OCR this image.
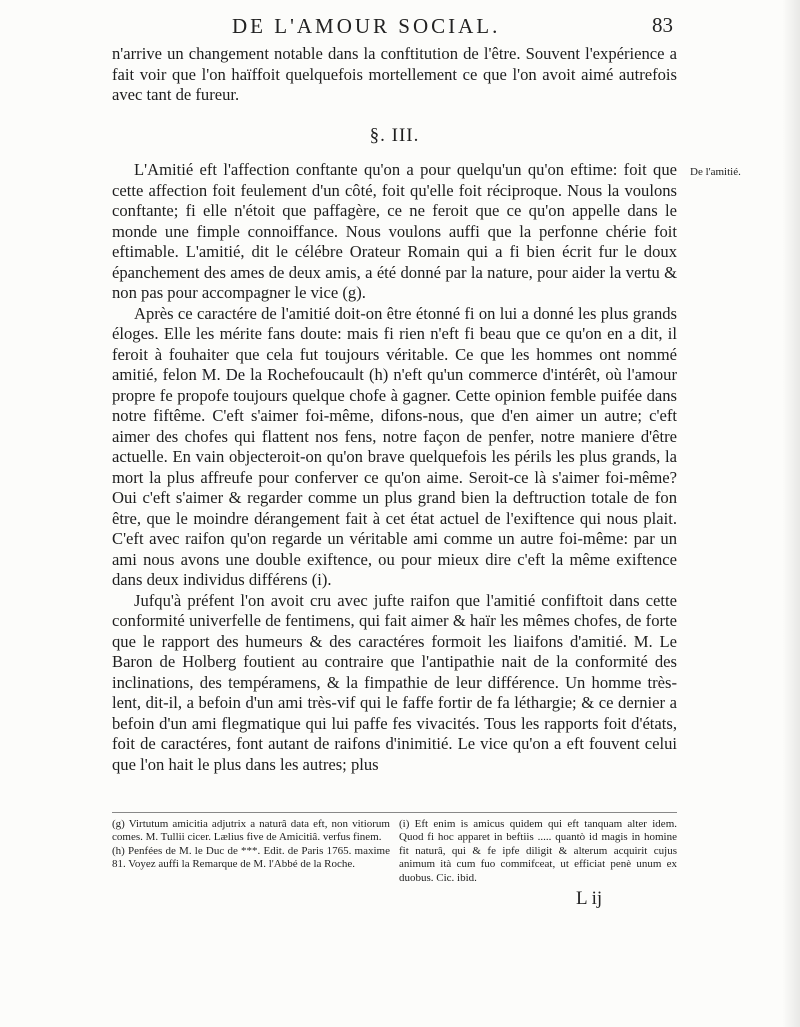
DE L'AMOUR SOCIAL.	83

n'arrive un changement notable dans la conftitution de l'être. Souvent l'expérience a fait voir que l'on haïffoit quelquefois mortellement ce que l'on avoit aimé autrefois avec tant de fureur.

§. III.

L'Amitié eft l'affection conftante qu'on a pour quelqu'un qu'on eftime: foit que cette affection foit feulement d'un côté, foit qu'elle foit réciproque. Nous la voulons conftante; fi elle n'étoit que paffagère, ce ne feroit que ce qu'on appelle dans le monde une fimple connoiffance. Nous voulons auffi que la perfonne chérie foit eftimable. L'amitié, dit le célébre Orateur Romain qui a fi bien écrit fur le doux épanchement des ames de deux amis, a été donné par la nature, pour aider la vertu & non pas pour accompagner le vice (g).

Après ce caractére de l'amitié doit-on être étonné fi on lui a donné les plus grands éloges. Elle les mérite fans doute: mais fi rien n'eft fi beau que ce qu'on en a dit, il feroit à fouhaiter que cela fut toujours véritable. Ce que les hommes ont nommé amitié, felon M. De la Rochefoucault (h) n'eft qu'un commerce d'intérêt, où l'amour propre fe propofe toujours quelque chofe à gagner. Cette opinion femble puifée dans notre fiftême. C'eft s'aimer foi-même, difons-nous, que d'en aimer un autre; c'eft aimer des chofes qui flattent nos fens, notre façon de penfer, notre maniere d'être actuelle. En vain objecteroit-on qu'on brave quelquefois les périls les plus grands, la mort la plus affreufe pour conferver ce qu'on aime. Seroit-ce là s'aimer foi-même? Oui c'eft s'aimer & regarder comme un plus grand bien la deftruction totale de fon être, que le moindre dérangement fait à cet état actuel de l'exiftence qui nous plait. C'eft avec raifon qu'on regarde un véritable ami comme un autre foi-même: par un ami nous avons une double exiftence, ou pour mieux dire c'eft la même exiftence dans deux individus différens (i).

Jufqu'à préfent l'on avoit cru avec jufte raifon que l'amitié confiftoit dans cette conformité univerfelle de fentimens, qui fait aimer & haïr les mêmes chofes, de forte que le rapport des humeurs & des caractéres formoit les liaifons d'amitié. M. Le Baron de Holberg foutient au contraire que l'antipathie nait de la conformité des inclinations, des tempéramens, & la fimpathie de leur différence. Un homme très-lent, dit-il, a befoin d'un ami très-vif qui le faffe fortir de fa léthargie; & ce dernier a befoin d'un ami flegmatique qui lui paffe fes vivacités. Tous les rapports foit d'états, foit de caractéres, font autant de raifons d'inimitié. Le vice qu'on a eft fouvent celui que l'on hait le plus dans les autres; plus

De l'amitié.

(g) Virtutum amicitia adjutrix a naturâ data eft, non vitiorum comes. M. Tullii cicer. Lælius five de Amicitiâ. verfus finem.

(h) Penfées de M. le Duc de ***. Edit. de Paris 1765. maxime 81. Voyez auffi la Remarque de M. l'Abbé de la Roche.

(i) Eft enim is amicus quidem qui eft tanquam alter idem. Quod fi hoc apparet in beftiis ..... quantò id magis in homine fit naturâ, qui & fe ipfe diligit & alterum acquirit cujus animum ità cum fuo commifceat, ut efficiat penè unum ex duobus. Cic. ibid.

L ij
